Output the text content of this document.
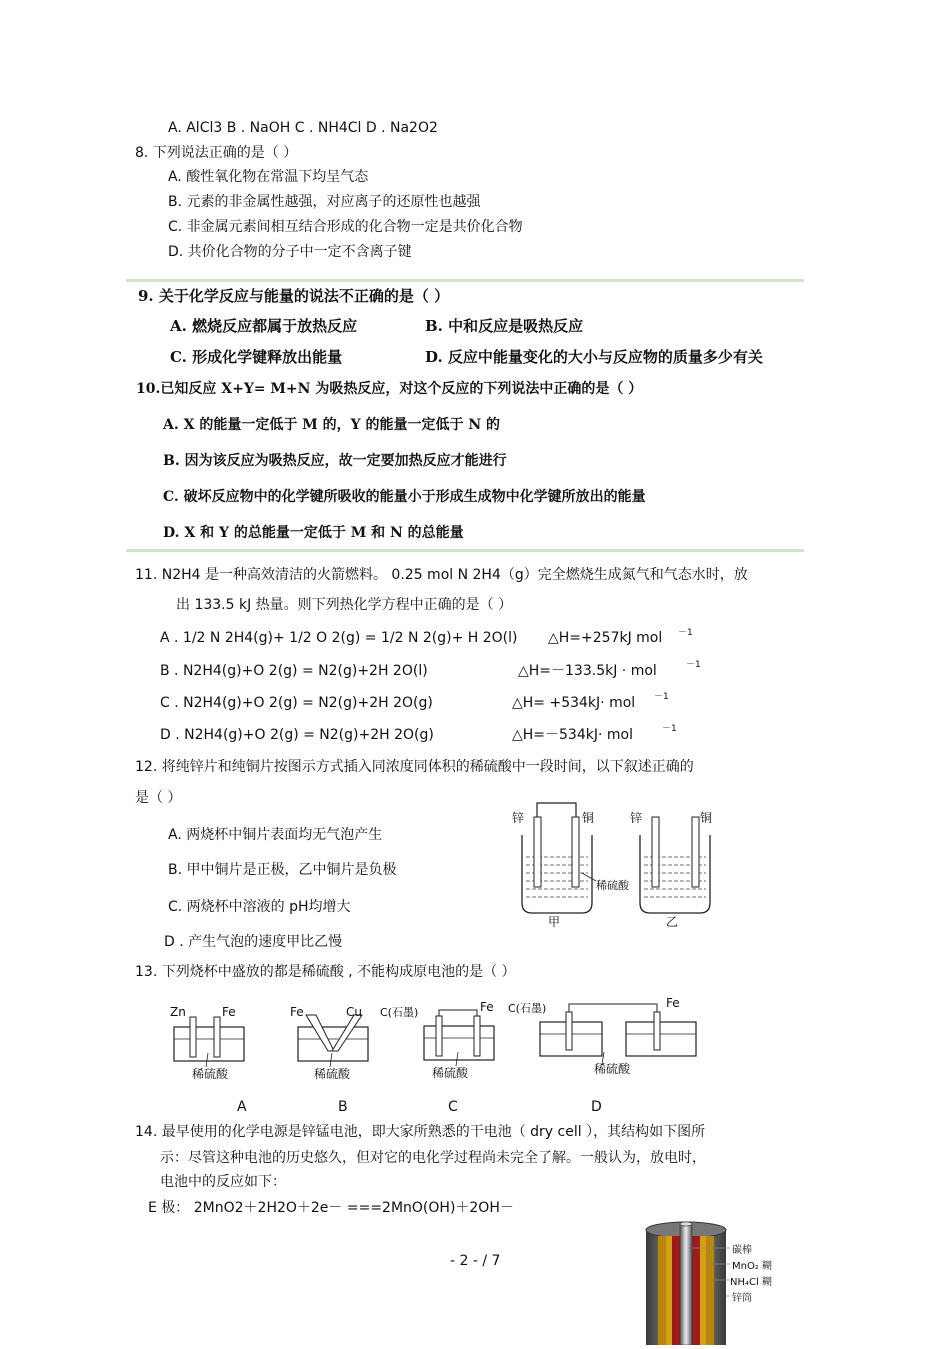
A. AlCl3 B . NaOH C . NH4Cl D . Na2O2
8. 下列说法正确的是（ ）
A. 酸性氧化物在常温下均呈气态
B. 元素的非金属性越强，对应离子的还原性也越强
C. 非金属元素间相互结合形成的化合物一定是共价化合物
D. 共价化合物的分子中一定不含离子键
9. 关于化学反应与能量的说法不正确的是（ ）
A. 燃烧反应都属于放热反应	B. 中和反应是吸热反应
C. 形成化学键释放出能量	D. 反应中能量变化的大小与反应物的质量多少有关
10.已知反应 X+Y= M+N 为吸热反应，对这个反应的下列说法中正确的是（ ）
A. X 的能量一定低于 M 的，Y 的能量一定低于 N 的
B. 因为该反应为吸热反应，故一定要加热反应才能进行
C. 破坏反应物中的化学键所吸收的能量小于形成生成物中化学键所放出的能量
D. X 和 Y 的总能量一定低于 M 和 N 的总能量
11. N2H4 是一种高效清洁的火箭燃料。 0.25 mol N 2H4（g）完全燃烧生成氮气和气态水时，放
出 133.5 kJ 热量。则下列热化学方程中正确的是（ ）
A . 1/2 N 2H4(g)+ 1/2 O 2(g) = 1/2 N 2(g)+ H 2O(l) △H=+257kJ mol －1
B . N2H4(g)+O 2(g) = N2(g)+2H 2O(l)	△H=－133.5kJ · mol	－1
C . N2H4(g)+O 2(g) = N2(g)+2H 2O(g)	△H= +534kJ· mol －1
D . N2H4(g)+O 2(g) = N2(g)+2H 2O(g)	△H=－534kJ· mol	－1
12. 将纯锌片和纯铜片按图示方式插入同浓度同体积的稀硫酸中一段时间，以下叙述正确的
是（ ）
A. 两烧杯中铜片表面均无气泡产生
B. 甲中铜片是正极，乙中铜片是负极
C. 两烧杯中溶液的 pH均增大
D . 产生气泡的速度甲比乙慢
锌	铜	锌	铜
稀硫酸
甲	乙
13. 下列烧杯中盛放的都是稀硫酸 , 不能构成原电池的是（ ）
Zn	Fe
稀硫酸
Fe	Cu
稀硫酸
C(石墨)	Fe
稀硫酸
C(石墨)	Fe
稀硫酸
A	B	C	D
14. 最早使用的化学电源是锌锰电池，即大家所熟悉的干电池（ dry cell ），其结构如下图所
示：尽管这种电池的历史悠久，但对它的电化学过程尚未完全了解。一般认为，放电时，
电池中的反应如下：
E 极： 2MnO2＋2H2O＋2e－ ===2MnO(OH)＋2OH－
- 2 - / 7
碳棒
MnO₂ 糊
NH₄Cl 糊
锌筒
